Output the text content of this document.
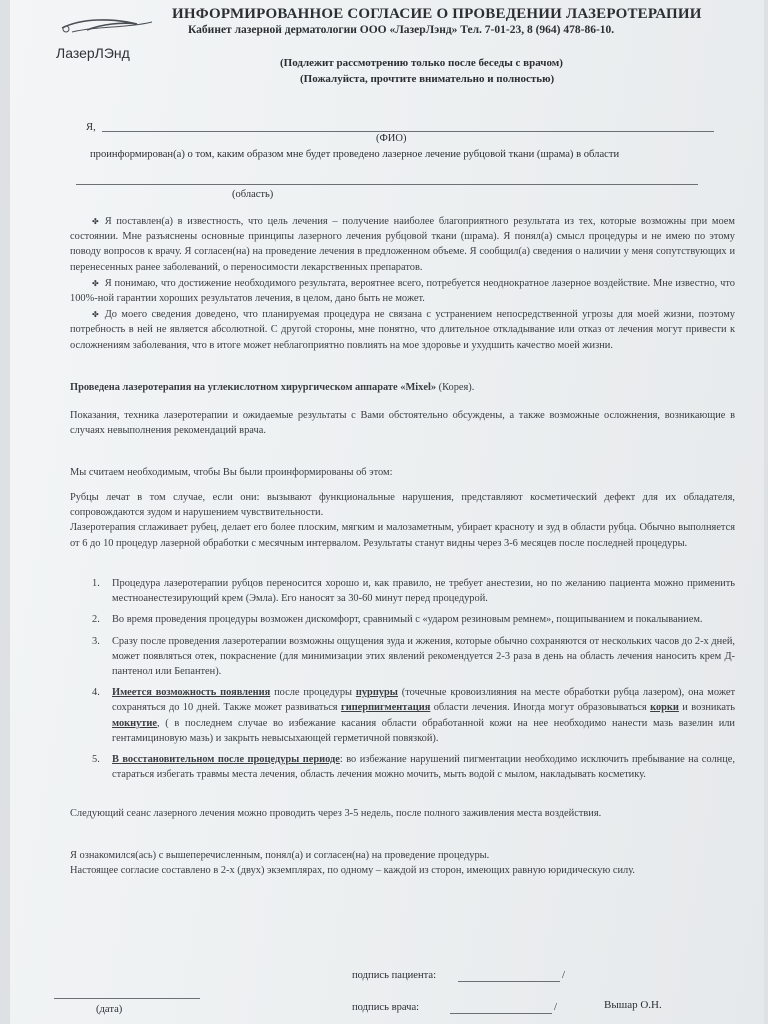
ЛазерЛЭнд
ИНФОРМИРОВАННОЕ СОГЛАСИЕ О ПРОВЕДЕНИИ ЛАЗЕРОТЕРАПИИ
Кабинет лазерной дерматологии ООО «ЛазерЛэнд» Тел. 7-01-23, 8 (964) 478-86-10.
(Подлежит рассмотрению только после беседы с врачом)
(Пожалуйста, прочтите внимательно и полностью)
Я,
(ФИО)
проинформирован(а) о том, каким образом мне будет проведено лазерное лечение рубцовой ткани (шрама) в области
(область)

✤ Я поставлен(а) в известность, что цель лечения – получение наиболее благоприятного результата из тех, которые возможны при моем состоянии. Мне разъяснены основные принципы лазерного лечения рубцовой ткани (шрама). Я понял(а) смысл процедуры и не имею по этому поводу вопросов к врачу. Я согласен(на) на проведение лечения в предложенном объеме. Я сообщил(а) сведения о наличии у меня сопутствующих и перенесенных ранее заболеваний, о переносимости лекарственных препаратов.

✤ Я понимаю, что достижение необходимого результата, вероятнее всего, потребуется неоднократное лазерное воздействие. Мне известно, что 100%-ной гарантии хороших результатов лечения, в целом, дано быть не может.

✤ До моего сведения доведено, что планируемая процедура не связана с устранением непосредственной угрозы для моей жизни, поэтому потребность в ней не является абсолютной. С другой стороны, мне понятно, что длительное откладывание или отказ от лечения могут привести к осложнениям заболевания, что в итоге может неблагоприятно повлиять на мое здоровье и ухудшить качество моей жизни.

Проведена лазеротерапия на углекислотном хирургическом аппарате «Mixel» (Корея).
Показания, техника лазеротерапии и ожидаемые результаты с Вами обстоятельно обсуждены, а также возможные осложнения, возникающие в случаях невыполнения рекомендаций врача.
Мы считаем необходимым, чтобы Вы были проинформированы об этом:
Рубцы лечат в том случае, если они: вызывают функциональные нарушения, представляют косметический дефект для их обладателя, сопровождаются зудом и нарушением чувствительности.
Лазеротерапия сглаживает рубец, делает его более плоским, мягким и малозаметным, убирает красноту и зуд в области рубца. Обычно выполняется от 6 до 10 процедур лазерной обработки с месячным интервалом. Результаты станут видны через 3-6 месяцев после последней процедуры.
1. Процедура лазеротерапии рубцов переносится хорошо и, как правило, не требует анестезии, но по желанию пациента можно применить местноанестезирующий крем (Эмла). Его наносят за 30-60 минут перед процедурой.
2. Во время проведения процедуры возможен дискомфорт, сравнимый с «ударом резиновым ремнем», пощипыванием и покалыванием.
3. Сразу после проведения лазеротерапии возможны ощущения зуда и жжения, которые обычно сохраняются от нескольких часов до 2-х дней, может появляться отек, покраснение (для минимизации этих явлений рекомендуется 2-3 раза в день на область лечения наносить крем Д-пантенол или Бепантен).
4. Имеется возможность появления после процедуры пурпуры (точечные кровоизлияния на месте обработки рубца лазером), она может сохраняться до 10 дней. Также может развиваться гиперпигментация области лечения. Иногда могут образовываться корки и возникать мокнутие, ( в последнем случае во избежание касания области обработанной кожи на нее необходимо нанести мазь вазелин или гентамициновую мазь) и закрыть невысыхающей герметичной повязкой).
5. В восстановительном после процедуры периоде: во избежание нарушений пигментации необходимо исключить пребывание на солнце, стараться избегать травмы места лечения, область лечения можно мочить, мыть водой с мылом, накладывать косметику.
Следующий сеанс лазерного лечения можно проводить через 3-5 недель, после полного заживления места воздействия.
Я ознакомился(ась) с вышеперечисленным, понял(а) и согласен(на) на проведение процедуры.
Настоящее согласие составлено в 2-х (двух) экземплярах, по одному – каждой из сторон, имеющих равную юридическую силу.
подпись пациента:	/
(дата)	подпись врача:	/	Вышар О.Н.
